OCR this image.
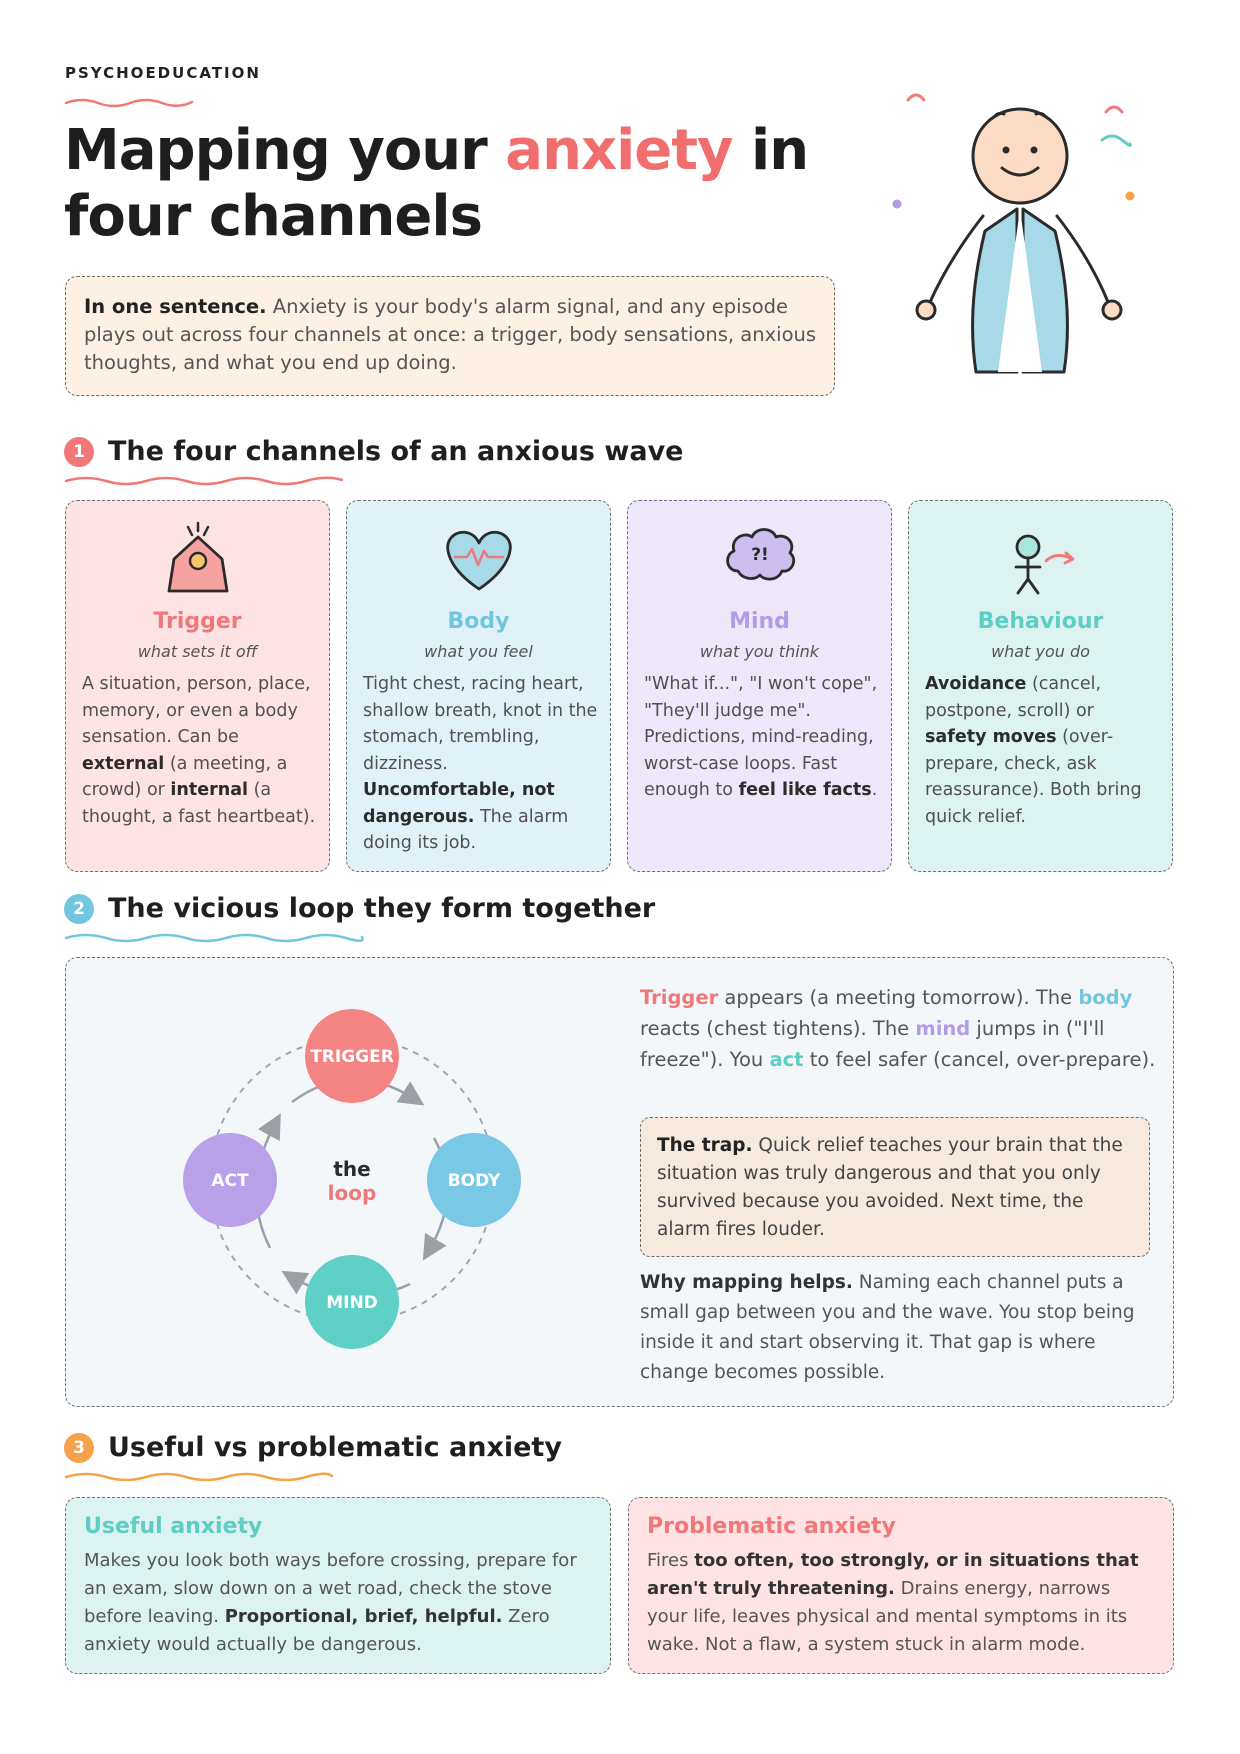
PSYCHOEDUCATION
Mapping your anxiety in four channels
In one sentence. Anxiety is your body's alarm signal, and any episode plays out across four channels at once: a trigger, body sensations, anxious thoughts, and what you end up doing.
1 The four channels of an anxious wave
Trigger
what sets it off
A situation, person, place, memory, or even a body sensation. Can be external (a meeting, a crowd) or internal (a thought, a fast heartbeat).
Body
what you feel
Tight chest, racing heart, shallow breath, knot in the stomach, trembling, dizziness. Uncomfortable, not dangerous. The alarm doing its job.
?!
Mind
what you think
"What if...", "I won't cope", "They'll judge me". Predictions, mind-reading, worst-case loops. Fast enough to feel like facts.
Behaviour
what you do
Avoidance (cancel, postpone, scroll) or safety moves (over-prepare, check, ask reassurance). Both bring quick relief.
2 The vicious loop they form together
TRIGGER
BODY
MIND
ACT	the
loop
Trigger appears (a meeting tomorrow). The body reacts (chest tightens). The mind jumps in ("I'll freeze"). You act to feel safer (cancel, over-prepare).
The trap. Quick relief teaches your brain that the situation was truly dangerous and that you only survived because you avoided. Next time, the alarm fires louder.
Why mapping helps. Naming each channel puts a small gap between you and the wave. You stop being inside it and start observing it. That gap is where change becomes possible.
3 Useful vs problematic anxiety
Useful anxiety
Makes you look both ways before crossing, prepare for an exam, slow down on a wet road, check the stove before leaving. Proportional, brief, helpful. Zero anxiety would actually be dangerous.
Problematic anxiety
Fires too often, too strongly, or in situations that aren't truly threatening. Drains energy, narrows your life, leaves physical and mental symptoms in its wake. Not a flaw, a system stuck in alarm mode.
